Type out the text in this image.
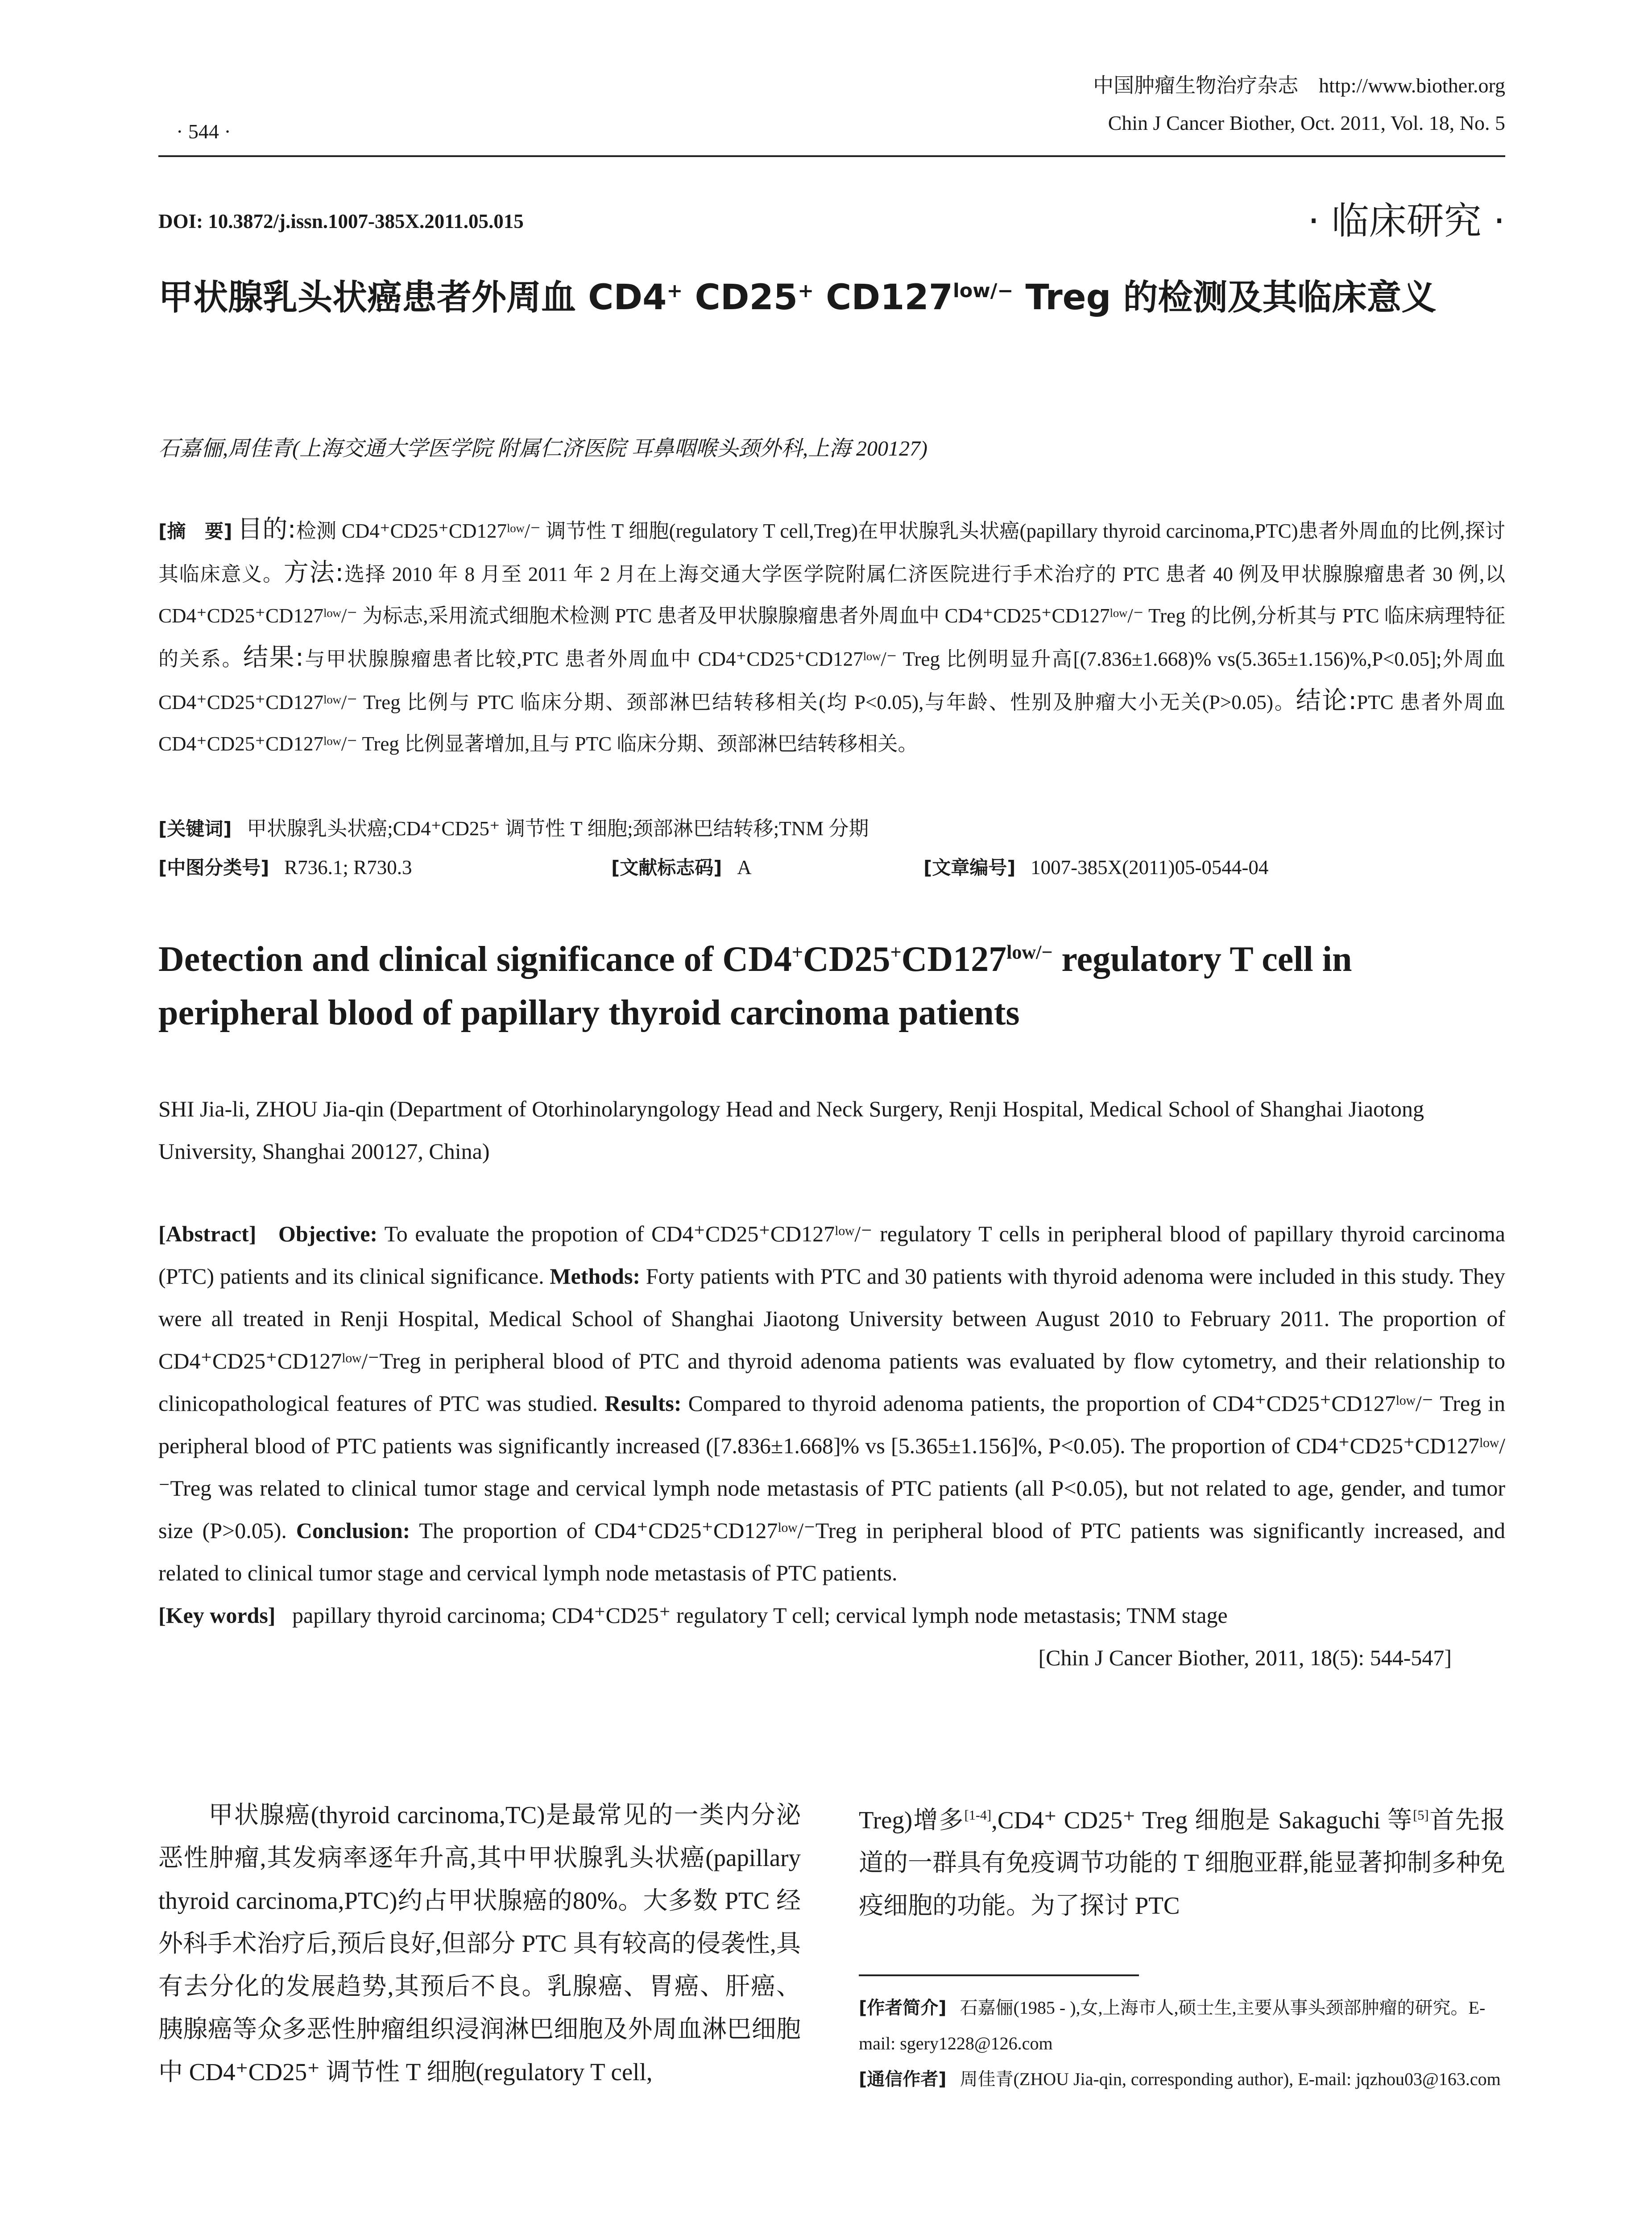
中国肿瘤生物治疗杂志 http://www.biother.org
Chin J Cancer Biother, Oct. 2011, Vol. 18, No. 5
· 544 ·
DOI: 10.3872/j.issn.1007-385X.2011.05.015	· 临床研究 ·
甲状腺乳头状癌患者外周血 CD4+ CD25+ $CD127^{low/-}$ Treg 的检测及其临床意义
石嘉俪,周佳青(上海交通大学医学院 附属仁济医院 耳鼻咽喉头颈外科,上海 200127)
[摘　要] 目的:检测 CD4⁺CD25⁺CD127ˡᵒʷ/⁻ 调节性 T 细胞(regulatory T cell,Treg)在甲状腺乳头状癌(papillary thyroid carcinoma,PTC)患者外周血的比例,探讨其临床意义。方法:选择 2010 年 8 月至 2011 年 2 月在上海交通大学医学院附属仁济医院进行手术治疗的 PTC 患者 40 例及甲状腺腺瘤患者 30 例,以 CD4⁺CD25⁺CD127ˡᵒʷ/⁻ 为标志,采用流式细胞术检测 PTC 患者及甲状腺腺瘤患者外周血中 CD4⁺CD25⁺CD127ˡᵒʷ/⁻ Treg 的比例,分析其与 PTC 临床病理特征的关系。结果:与甲状腺腺瘤患者比较,PTC 患者外周血中 CD4⁺CD25⁺CD127ˡᵒʷ/⁻ Treg 比例明显升高[(7.836±1.668)% vs(5.365±1.156)%,P<0.05];外周血 CD4⁺CD25⁺CD127ˡᵒʷ/⁻ Treg 比例与 PTC 临床分期、颈部淋巴结转移相关(均 P<0.05),与年龄、性别及肿瘤大小无关(P>0.05)。结论:PTC 患者外周血 CD4⁺CD25⁺CD127ˡᵒʷ/⁻ Treg 比例显著增加,且与 PTC 临床分期、颈部淋巴结转移相关。
[关键词] 甲状腺乳头状癌;CD4⁺CD25⁺ 调节性 T 细胞;颈部淋巴结转移;TNM 分期
[中图分类号] R736.1; R730.3	[文献标志码] A	[文章编号] 1007-385X(2011)05-0544-04
Detection and clinical significance of $CD4^+CD25^+CD127^{low/-}$ regulatory T cell in
peripheral blood of papillary thyroid carcinoma patients
SHI Jia-li, ZHOU Jia-qin (Department of Otorhinolaryngology Head and Neck Surgery, Renji Hospital, Medical School of Shanghai Jiaotong University, Shanghai 200127, China)
[Abstract] Objective: To evaluate the propotion of CD4⁺CD25⁺CD127ˡᵒʷ/⁻ regulatory T cells in peripheral blood of papillary thyroid carcinoma (PTC) patients and its clinical significance. Methods: Forty patients with PTC and 30 patients with thyroid adenoma were included in this study. They were all treated in Renji Hospital, Medical School of Shanghai Jiaotong University between August 2010 to February 2011. The proportion of CD4⁺CD25⁺CD127ˡᵒʷ/⁻Treg in peripheral blood of PTC and thyroid adenoma patients was evaluated by flow cytometry, and their relationship to clinicopathological features of PTC was studied. Results: Compared to thyroid adenoma patients, the proportion of CD4⁺CD25⁺CD127ˡᵒʷ/⁻ Treg in peripheral blood of PTC patients was significantly increased ([7.836±1.668]% vs [5.365±1.156]%, P<0.05). The proportion of CD4⁺CD25⁺CD127ˡᵒʷ/⁻Treg was related to clinical tumor stage and cervical lymph node metastasis of PTC patients (all P<0.05), but not related to age, gender, and tumor size (P>0.05). Conclusion: The proportion of CD4⁺CD25⁺CD127ˡᵒʷ/⁻Treg in peripheral blood of PTC patients was significantly increased, and related to clinical tumor stage and cervical lymph node metastasis of PTC patients.
[Key words] papillary thyroid carcinoma; CD4⁺CD25⁺ regulatory T cell; cervical lymph node metastasis; TNM stage
[Chin J Cancer Biother, 2011, 18(5): 544-547]
甲状腺癌(thyroid carcinoma,TC)是最常见的一类内分泌恶性肿瘤,其发病率逐年升高,其中甲状腺乳头状癌(papillary thyroid carcinoma,PTC)约占甲状腺癌的80%。大多数 PTC 经外科手术治疗后,预后良好,但部分 PTC 具有较高的侵袭性,具有去分化的发展趋势,其预后不良。乳腺癌、胃癌、肝癌、胰腺癌等众多恶性肿瘤组织浸润淋巴细胞及外周血淋巴细胞中 CD4⁺CD25⁺ 调节性 T 细胞(regulatory T cell,
Treg)增多[1-4],CD4⁺ CD25⁺ Treg 细胞是 Sakaguchi 等[5]首先报道的一群具有免疫调节功能的 T 细胞亚群,能显著抑制多种免疫细胞的功能。为了探讨 PTC
[作者简介] 石嘉俪(1985 - ),女,上海市人,硕士生,主要从事头颈部肿瘤的研究。E-mail: sgery1228@126.com
[通信作者] 周佳青(ZHOU Jia-qin, corresponding author), E-mail: jqzhou03@163.com
